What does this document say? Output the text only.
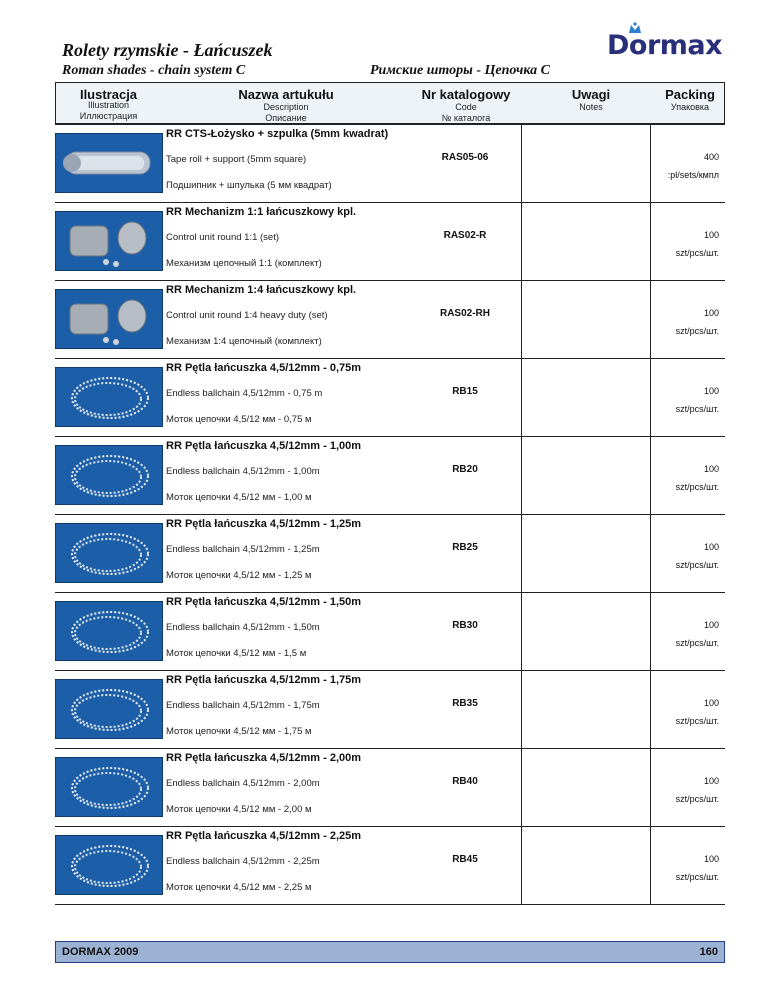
Rolety rzymskie - Łańcuszek
Roman shades - chain system C	Римские шторы - Цепочка C
Dormax
Ilustracja
Illustration
Иллюстрация
Nazwa artukułu
Description
Описание
Nr katalogowy
Code
№ каталога
Uwagi
Notes
Packing
Упаковка
RR CTS-Łożysko + szpulka (5mm kwadrat)
Tape roll + support (5mm square)
Подшипник + шпулька (5 мм квадрат)
RAS05-06	400
:pl/sets/кмпл
RR Mechanizm 1:1 łańcuszkowy kpl.
Control unit round 1:1 (set)
Механизм цепочный 1:1 (комплект)
RAS02-R	100
szt/pcs/шт.
RR Mechanizm 1:4 łańcuszkowy kpl.
Control unit round 1:4 heavy duty (set)
Механизм 1:4 цепочный (комплект)
RAS02-RH	100
szt/pcs/шт.
RR Pętla łańcuszka 4,5/12mm - 0,75m
Endless ballchain 4,5/12mm - 0,75 m
Моток цепочки 4,5/12 мм - 0,75 м
RB15	100
szt/pcs/шт.
RR Pętla łańcuszka 4,5/12mm - 1,00m
Endless ballchain 4,5/12mm - 1,00m
Моток цепочки 4,5/12 мм - 1,00 м
RB20	100
szt/pcs/шт.
RR Pętla łańcuszka 4,5/12mm - 1,25m
Endless ballchain 4,5/12mm - 1,25m
Моток цепочки 4,5/12 мм - 1,25 м
RB25	100
szt/pcs/шт.
RR Pętla łańcuszka 4,5/12mm - 1,50m
Endless ballchain 4,5/12mm - 1,50m
Моток цепочки 4,5/12 мм - 1,5 м
RB30	100
szt/pcs/шт.
RR Pętla łańcuszka 4,5/12mm - 1,75m
Endless ballchain 4,5/12mm - 1,75m
Моток цепочки 4,5/12 мм - 1,75 м
RB35	100
szt/pcs/шт.
RR Pętla łańcuszka 4,5/12mm - 2,00m
Endless ballchain 4,5/12mm - 2,00m
Моток цепочки 4,5/12 мм - 2,00 м
RB40	100
szt/pcs/шт.
RR Pętla łańcuszka 4,5/12mm - 2,25m
Endless ballchain 4,5/12mm - 2,25m
Моток цепочки 4,5/12 мм - 2,25 м
RB45	100
szt/pcs/шт.
DORMAX 2009	160
